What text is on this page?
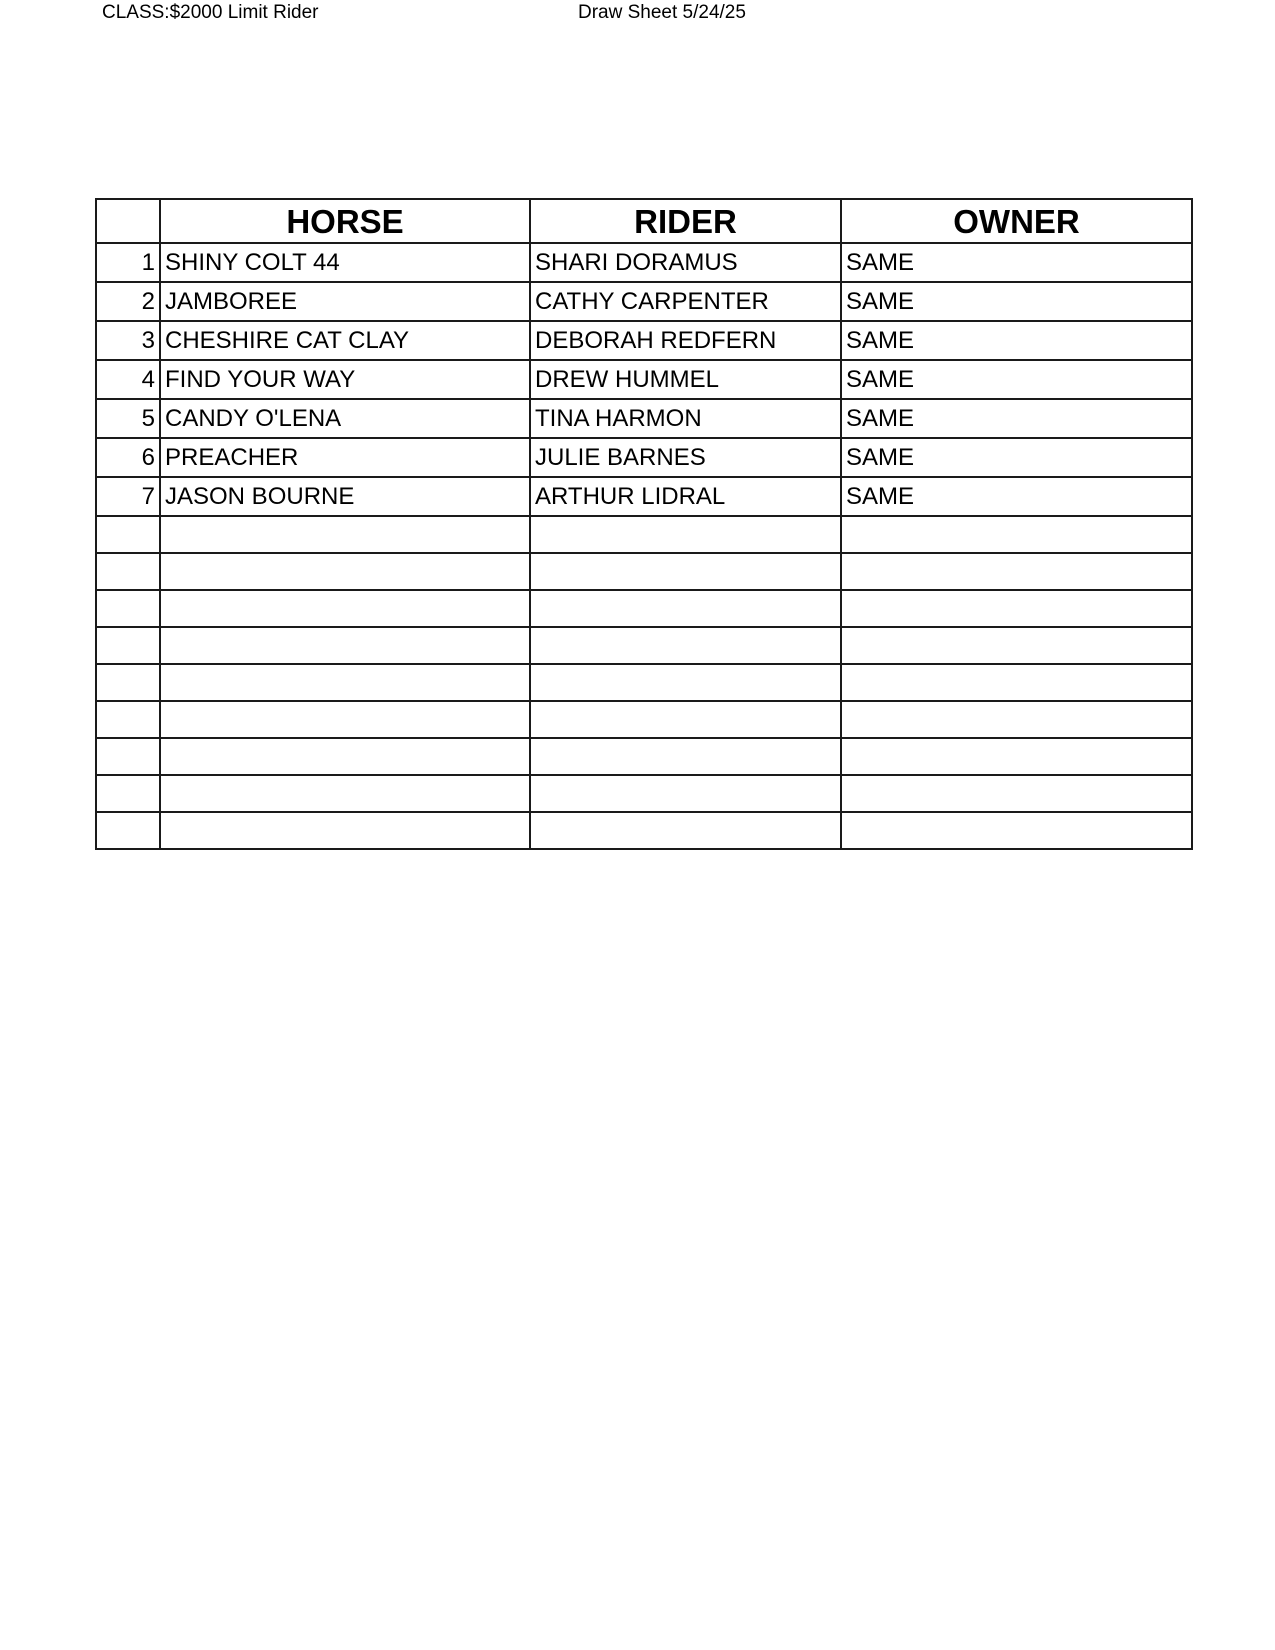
CLASS:$2000 Limit Rider	Draw Sheet 5/24/25
	HORSE	RIDER	OWNER
1	SHINY COLT 44	SHARI DORAMUS	SAME
2	JAMBOREE	CATHY CARPENTER	SAME
3	CHESHIRE CAT CLAY	DEBORAH REDFERN	SAME
4	FIND YOUR WAY	DREW HUMMEL	SAME
5	CANDY O'LENA	TINA HARMON	SAME
6	PREACHER	JULIE BARNES	SAME
7	JASON BOURNE	ARTHUR LIDRAL	SAME
